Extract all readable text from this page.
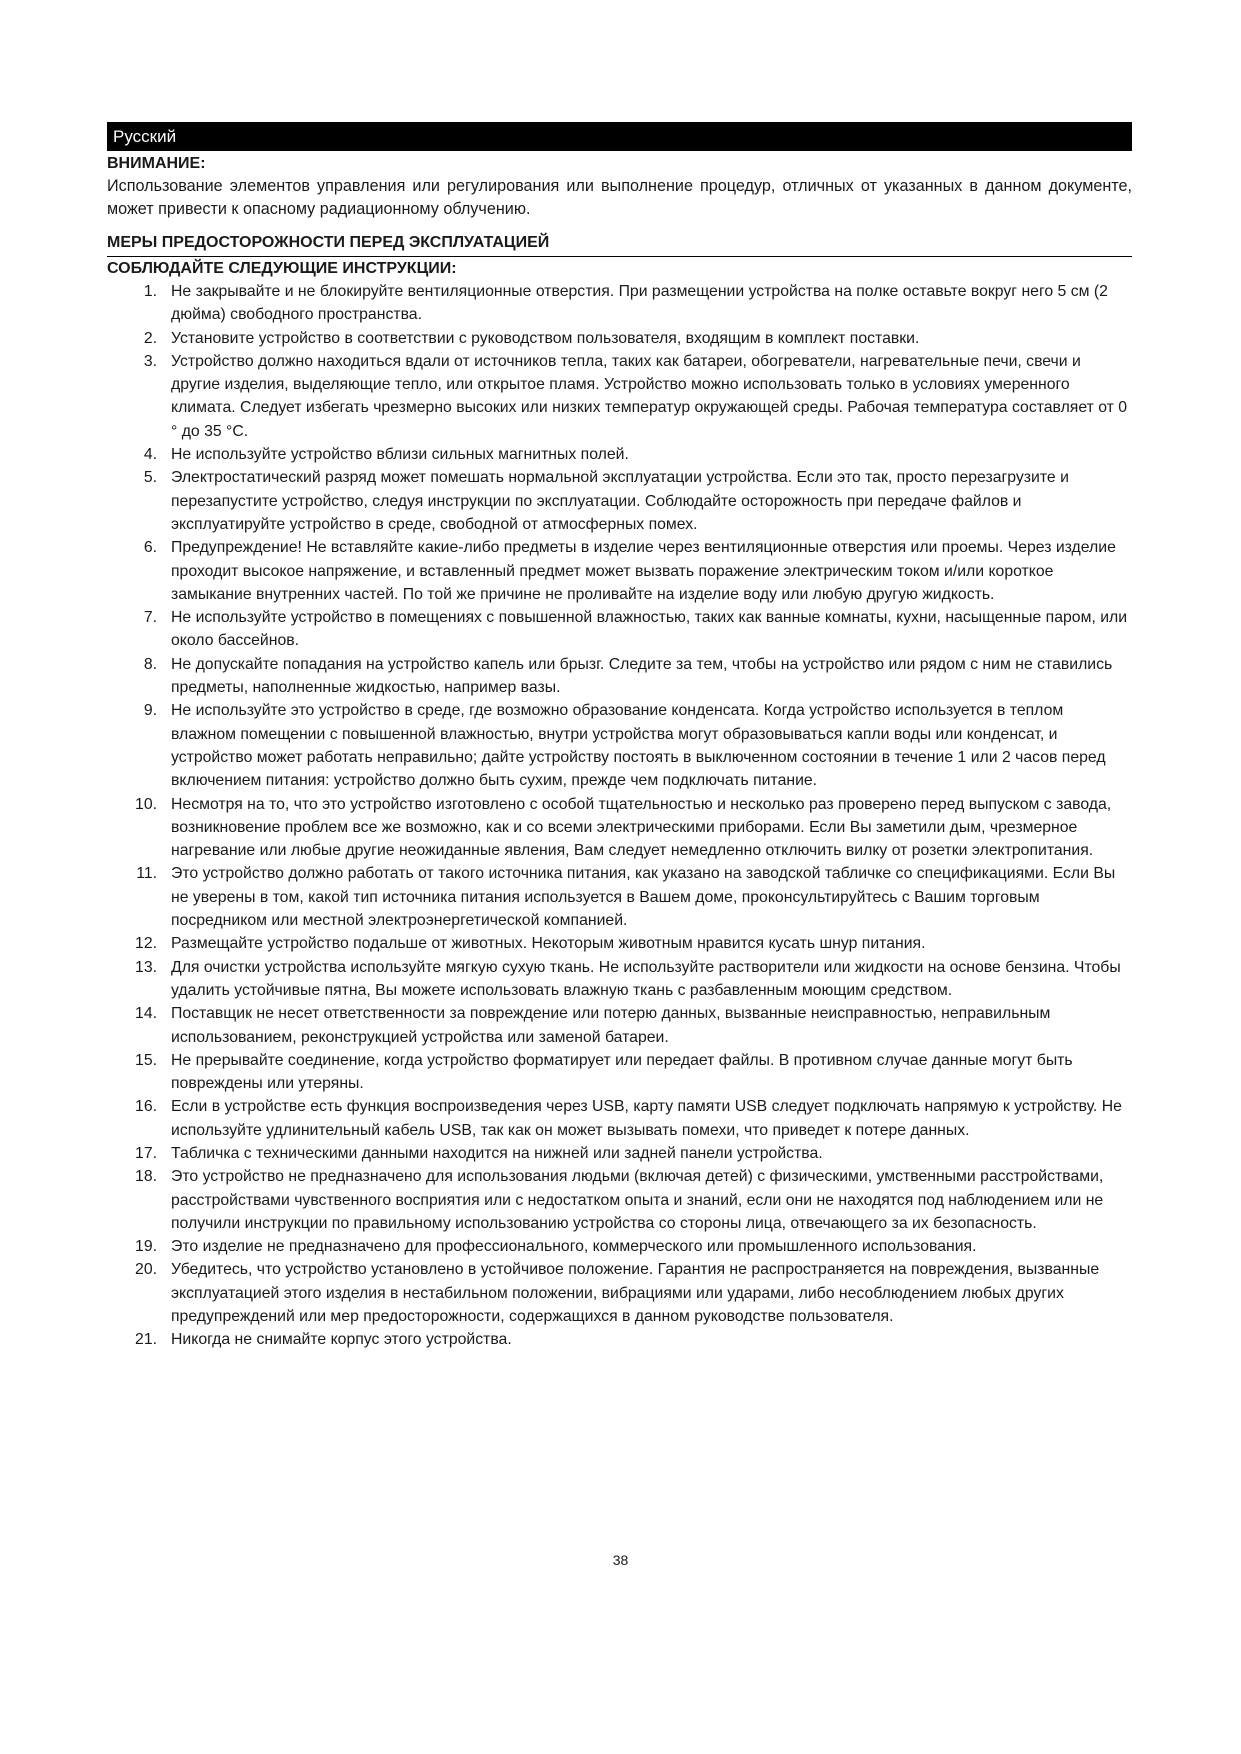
Русский
ВНИМАНИЕ:
Использование элементов управления или регулирования или выполнение процедур, отличных от указанных в данном документе, может привести к опасному радиационному облучению.
МЕРЫ ПРЕДОСТОРОЖНОСТИ ПЕРЕД ЭКСПЛУАТАЦИЕЙ
СОБЛЮДАЙТЕ СЛЕДУЮЩИЕ ИНСТРУКЦИИ:
1. Не закрывайте и не блокируйте вентиляционные отверстия. При размещении устройства на полке оставьте вокруг него 5 см (2 дюйма) свободного пространства.
2. Установите устройство в соответствии с руководством пользователя, входящим в комплект поставки.
3. Устройство должно находиться вдали от источников тепла, таких как батареи, обогреватели, нагревательные печи, свечи и другие изделия, выделяющие тепло, или открытое пламя. Устройство можно использовать только в условиях умеренного климата. Следует избегать чрезмерно высоких или низких температур окружающей среды. Рабочая температура составляет от 0 ° до 35 °C.
4. Не используйте устройство вблизи сильных магнитных полей.
5. Электростатический разряд может помешать нормальной эксплуатации устройства. Если это так, просто перезагрузите и перезапустите устройство, следуя инструкции по эксплуатации. Соблюдайте осторожность при передаче файлов и эксплуатируйте устройство в среде, свободной от атмосферных помех.
6. Предупреждение! Не вставляйте какие-либо предметы в изделие через вентиляционные отверстия или проемы. Через изделие проходит высокое напряжение, и вставленный предмет может вызвать поражение электрическим током и/или короткое замыкание внутренних частей. По той же причине не проливайте на изделие воду или любую другую жидкость.
7. Не используйте устройство в помещениях с повышенной влажностью, таких как ванные комнаты, кухни, насыщенные паром, или около бассейнов.
8. Не допускайте попадания на устройство капель или брызг. Следите за тем, чтобы на устройство или рядом с ним не ставились предметы, наполненные жидкостью, например вазы.
9. Не используйте это устройство в среде, где возможно образование конденсата. Когда устройство используется в теплом влажном помещении с повышенной влажностью, внутри устройства могут образовываться капли воды или конденсат, и устройство может работать неправильно; дайте устройству постоять в выключенном состоянии в течение 1 или 2 часов перед включением питания: устройство должно быть сухим, прежде чем подключать питание.
10. Несмотря на то, что это устройство изготовлено с особой тщательностью и несколько раз проверено перед выпуском с завода, возникновение проблем все же возможно, как и со всеми электрическими приборами. Если Вы заметили дым, чрезмерное нагревание или любые другие неожиданные явления, Вам следует немедленно отключить вилку от розетки электропитания.
11. Это устройство должно работать от такого источника питания, как указано на заводской табличке со спецификациями. Если Вы не уверены в том, какой тип источника питания используется в Вашем доме, проконсультируйтесь с Вашим торговым посредником или местной электроэнергетической компанией.
12. Размещайте устройство подальше от животных. Некоторым животным нравится кусать шнур питания.
13. Для очистки устройства используйте мягкую сухую ткань. Не используйте растворители или жидкости на основе бензина. Чтобы удалить устойчивые пятна, Вы можете использовать влажную ткань с разбавленным моющим средством.
14. Поставщик не несет ответственности за повреждение или потерю данных, вызванные неисправностью, неправильным использованием, реконструкцией устройства или заменой батареи.
15. Не прерывайте соединение, когда устройство форматирует или передает файлы. В противном случае данные могут быть повреждены или утеряны.
16. Если в устройстве есть функция воспроизведения через USB, карту памяти USB следует подключать напрямую к устройству. Не используйте удлинительный кабель USB, так как он может вызывать помехи, что приведет к потере данных.
17. Табличка с техническими данными находится на нижней или задней панели устройства.
18. Это устройство не предназначено для использования людьми (включая детей) с физическими, умственными расстройствами, расстройствами чувственного восприятия или с недостатком опыта и знаний, если они не находятся под наблюдением или не получили инструкции по правильному использованию устройства со стороны лица, отвечающего за их безопасность.
19. Это изделие не предназначено для профессионального, коммерческого или промышленного использования.
20. Убедитесь, что устройство установлено в устойчивое положение. Гарантия не распространяется на повреждения, вызванные эксплуатацией этого изделия в нестабильном положении, вибрациями или ударами, либо несоблюдением любых других предупреждений или мер предосторожности, содержащихся в данном руководстве пользователя.
21. Никогда не снимайте корпус этого устройства.
38
